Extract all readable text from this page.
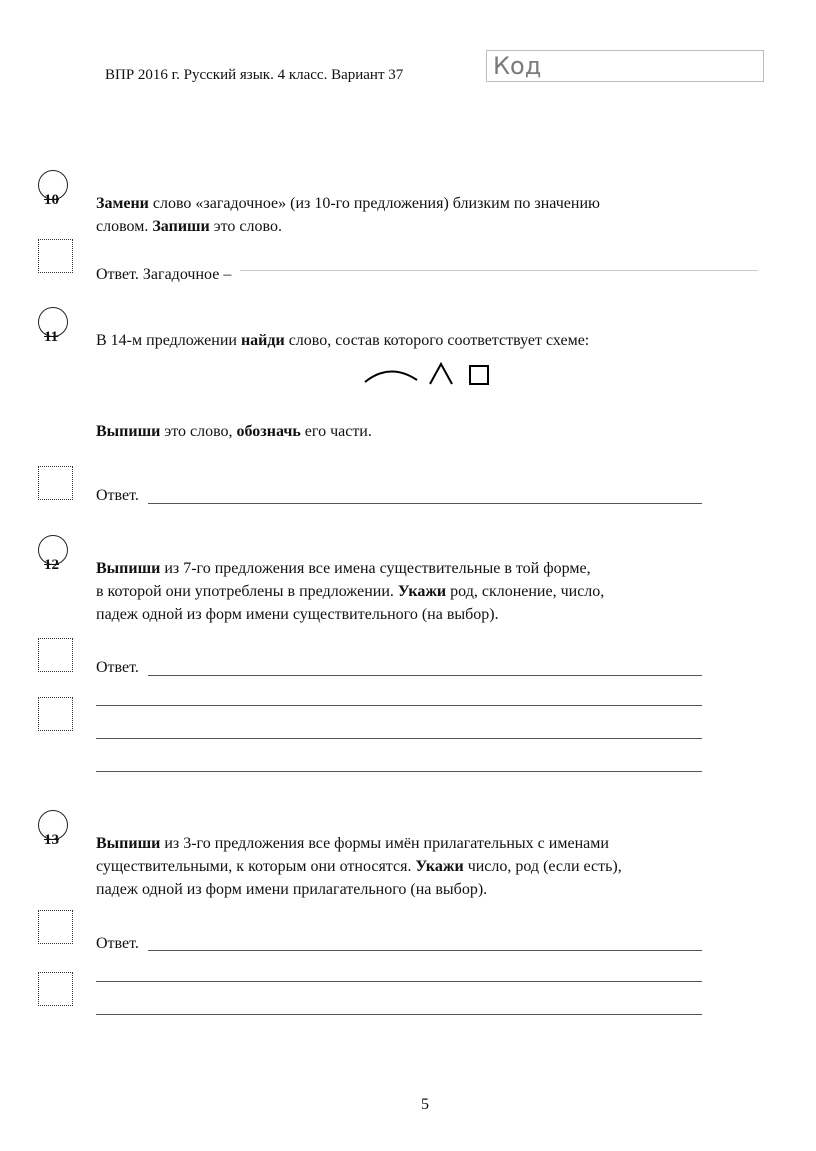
ВПР 2016 г. Русский язык. 4 класс. Вариант 37	Код
10 Замени слово «загадочное» (из 10-го предложения) близким по значению
словом. Запиши это слово.
Ответ. Загадочное –
11 В 14-м предложении найди слово, состав которого соответствует схеме:
Выпиши это слово, обозначь его части.
Ответ.
12 Выпиши из 7-го предложения все имена существительные в той форме,
в которой они употреблены в предложении. Укажи род, склонение, число,
падеж одной из форм имени существительного (на выбор).
Ответ.
13 Выпиши из 3-го предложения все формы имён прилагательных с именами
существительными, к которым они относятся. Укажи число, род (если есть),
падеж одной из форм имени прилагательного (на выбор).
Ответ.
5
